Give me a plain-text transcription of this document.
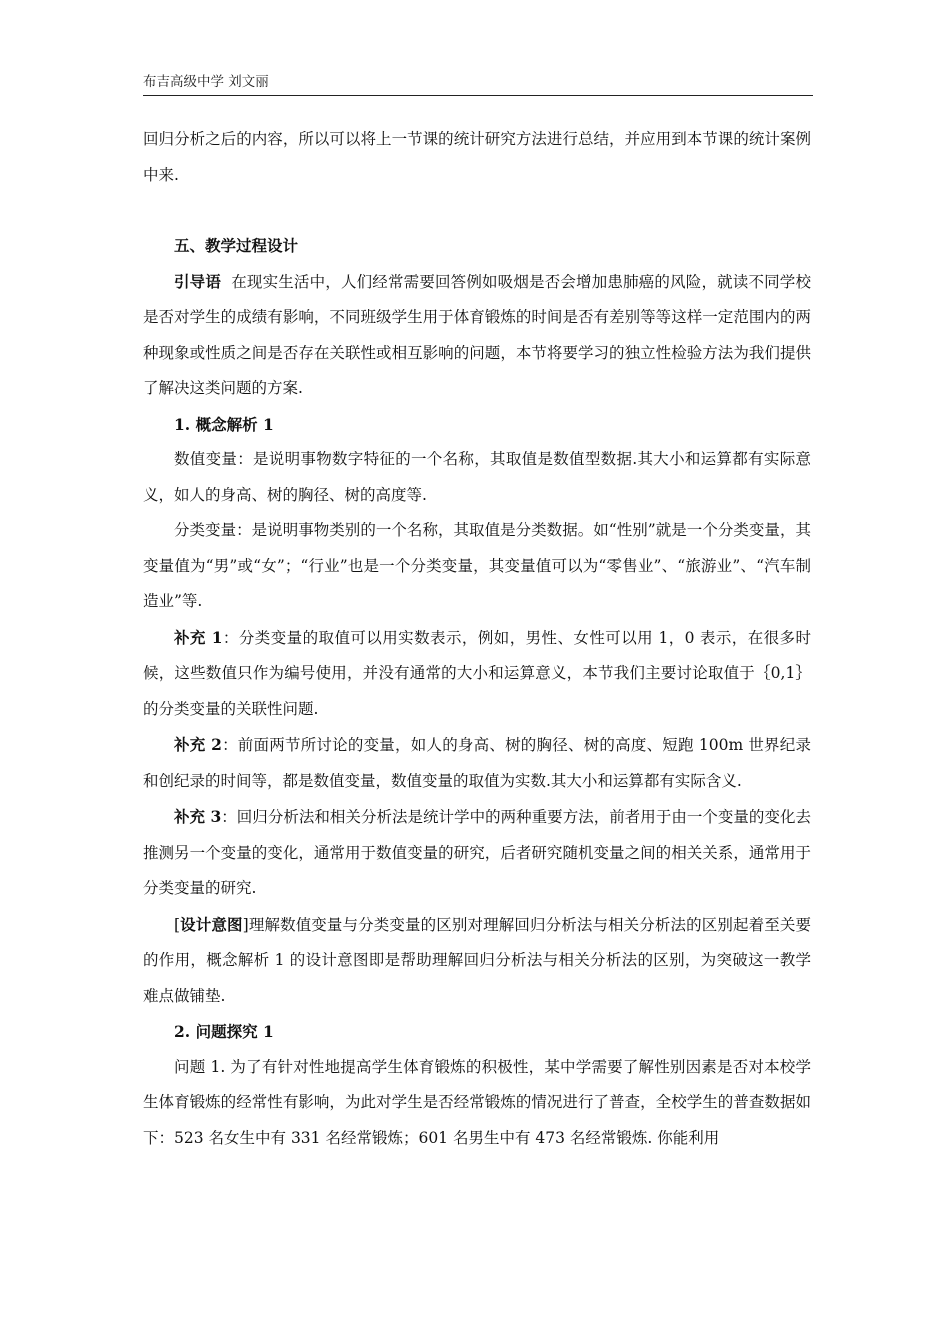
布吉高级中学 刘文丽

回归分析之后的内容，所以可以将上一节课的统计研究方法进行总结，并应用到本节课的统计案例中来.

五、教学过程设计

引导语 在现实生活中，人们经常需要回答例如吸烟是否会增加患肺癌的风险，就读不同学校是否对学生的成绩有影响，不同班级学生用于体育锻炼的时间是否有差别等等这样一定范围内的两种现象或性质之间是否存在关联性或相互影响的问题，本节将要学习的独立性检验方法为我们提供了解决这类问题的方案.

1. 概念解析 1

数值变量：是说明事物数字特征的一个名称，其取值是数值型数据.其大小和运算都有实际意义，如人的身高、树的胸径、树的高度等.

分类变量：是说明事物类别的一个名称，其取值是分类数据。如“性别”就是一个分类变量，其变量值为“男”或“女”；“行业”也是一个分类变量，其变量值可以为“零售业”、“旅游业”、“汽车制造业”等.

补充 1：分类变量的取值可以用实数表示，例如，男性、女性可以用 1，0 表示，在很多时候，这些数值只作为编号使用，并没有通常的大小和运算意义，本节我们主要讨论取值于｛0,1｝的分类变量的关联性问题.

补充 2：前面两节所讨论的变量，如人的身高、树的胸径、树的高度、短跑 100m 世界纪录和创纪录的时间等，都是数值变量，数值变量的取值为实数.其大小和运算都有实际含义.

补充 3：回归分析法和相关分析法是统计学中的两种重要方法，前者用于由一个变量的变化去推测另一个变量的变化，通常用于数值变量的研究，后者研究随机变量之间的相关关系，通常用于分类变量的研究.

[设计意图]理解数值变量与分类变量的区别对理解回归分析法与相关分析法的区别起着至关要的作用，概念解析 1 的设计意图即是帮助理解回归分析法与相关分析法的区别，为突破这一教学难点做铺垫.

2. 问题探究 1

问题 1. 为了有针对性地提高学生体育锻炼的积极性，某中学需要了解性别因素是否对本校学生体育锻炼的经常性有影响，为此对学生是否经常锻炼的情况进行了普查，全校学生的普查数据如下：523 名女生中有 331 名经常锻炼；601 名男生中有 473 名经常锻炼. 你能利用
